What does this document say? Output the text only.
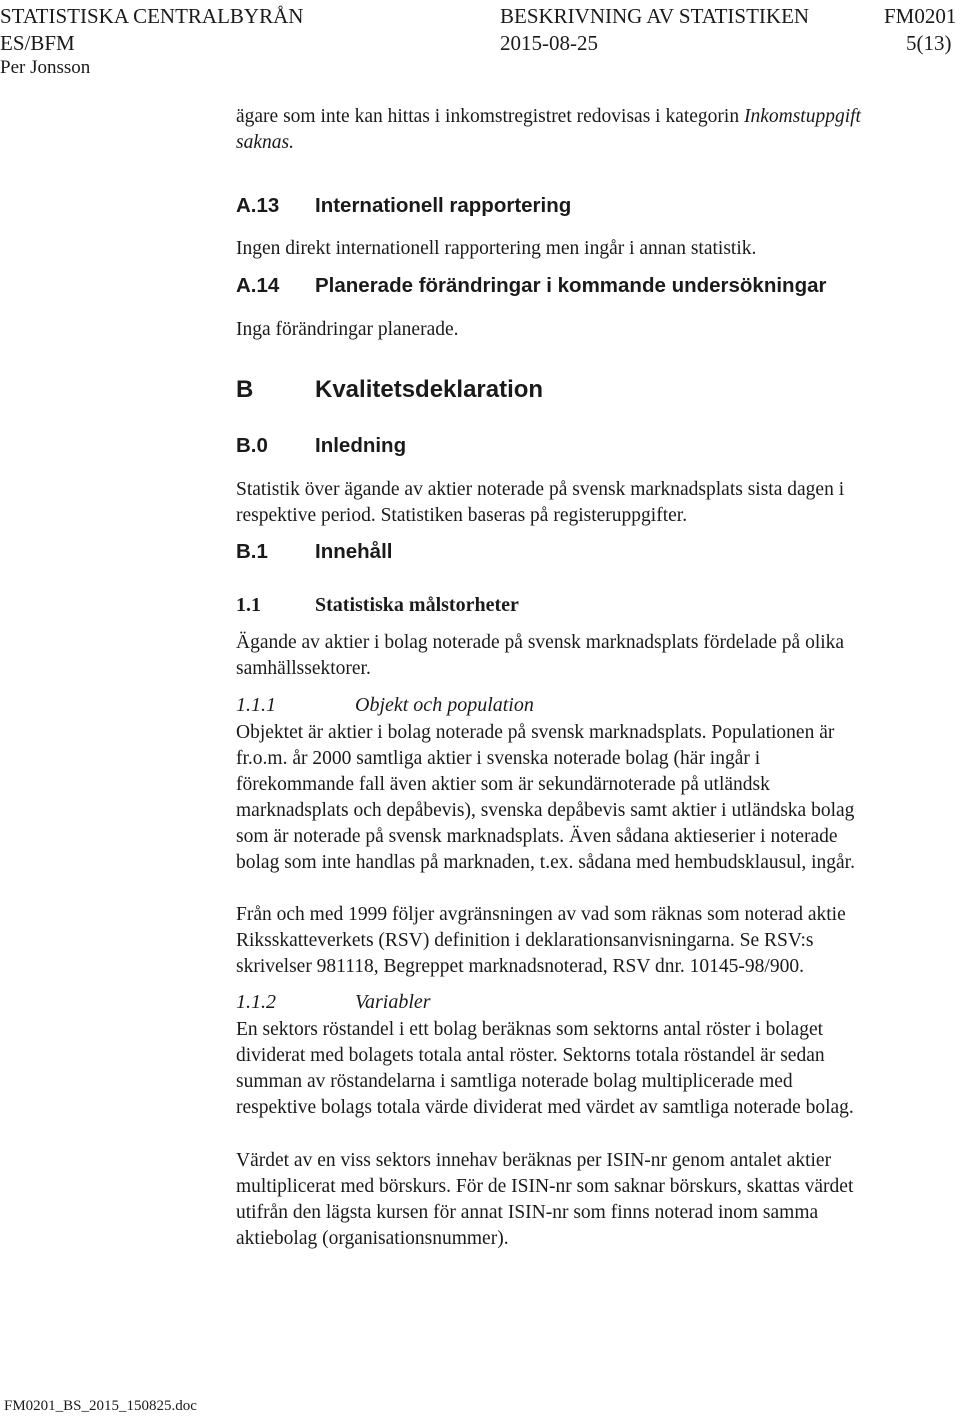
STATISTISKA CENTRALBYRÅN	BESKRIVNING AV STATISTIKEN	FM0201
ES/BFM	2015-08-25	5(13)
Per Jonsson
ägare som inte kan hittas i inkomstregistret redovisas i kategorin Inkomstuppgift
saknas.
A.13 Internationell rapportering
Ingen direkt internationell rapportering men ingår i annan statistik.
A.14 Planerade förändringar i kommande undersökningar
Inga förändringar planerade.
B	Kvalitetsdeklaration
B.0 Inledning
Statistik över ägande av aktier noterade på svensk marknadsplats sista dagen i
respektive period. Statistiken baseras på registeruppgifter.
B.1 Innehåll
1.1	Statistiska målstorheter
Ägande av aktier i bolag noterade på svensk marknadsplats fördelade på olika
samhällssektorer.
1.1.1	Objekt och population
Objektet är aktier i bolag noterade på svensk marknadsplats. Populationen är
fr.o.m. år 2000 samtliga aktier i svenska noterade bolag (här ingår i
förekommande fall även aktier som är sekundärnoterade på utländsk
marknadsplats och depåbevis), svenska depåbevis samt aktier i utländska bolag
som är noterade på svensk marknadsplats. Även sådana aktieserier i noterade
bolag som inte handlas på marknaden, t.ex. sådana med hembudsklausul, ingår.
Från och med 1999 följer avgränsningen av vad som räknas som noterad aktie
Riksskatteverkets (RSV) definition i deklarationsanvisningarna. Se RSV:s
skrivelser 981118, Begreppet marknadsnoterad, RSV dnr. 10145-98/900.
1.1.2	Variabler
En sektors röstandel i ett bolag beräknas som sektorns antal röster i bolaget
dividerat med bolagets totala antal röster. Sektorns totala röstandel är sedan
summan av röstandelarna i samtliga noterade bolag multiplicerade med
respektive bolags totala värde dividerat med värdet av samtliga noterade bolag.
Värdet av en viss sektors innehav beräknas per ISIN-nr genom antalet aktier
multiplicerat med börskurs. För de ISIN-nr som saknar börskurs, skattas värdet
utifrån den lägsta kursen för annat ISIN-nr som finns noterad inom samma
aktiebolag (organisationsnummer).
FM0201_BS_2015_150825.doc
